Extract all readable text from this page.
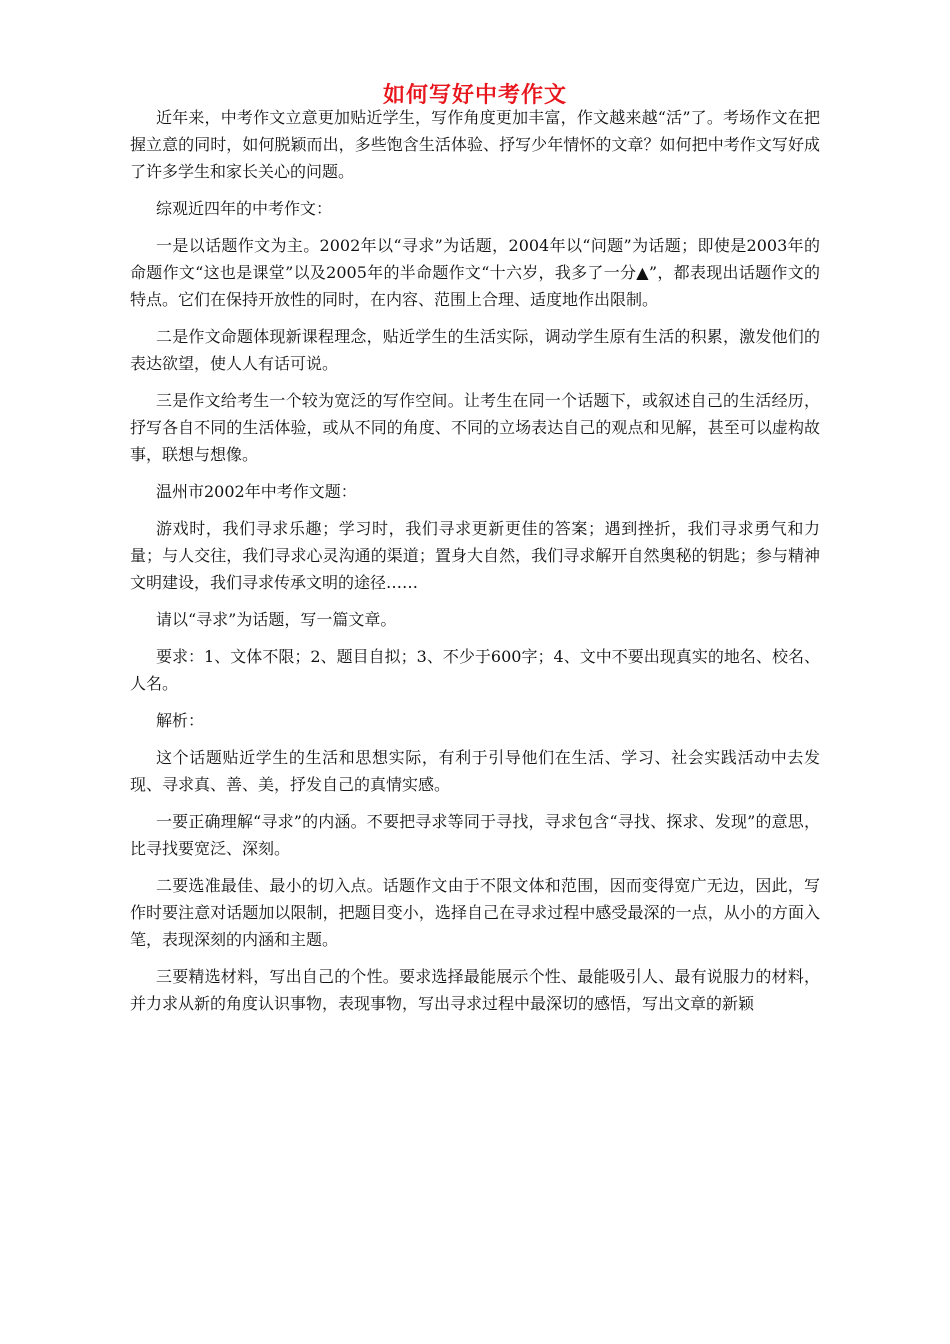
如何写好中考作文

近年来，中考作文立意更加贴近学生，写作角度更加丰富，作文越来越“活”了。考场作文在把握立意的同时，如何脱颖而出，多些饱含生活体验、抒写少年情怀的文章？如何把中考作文写好成了许多学生和家长关心的问题。

综观近四年的中考作文：

一是以话题作文为主。2002年以“寻求”为话题，2004年以“问题”为话题；即使是2003年的命题作文“这也是课堂”以及2005年的半命题作文“十六岁，我多了一分▲”，都表现出话题作文的特点。它们在保持开放性的同时，在内容、范围上合理、适度地作出限制。

二是作文命题体现新课程理念，贴近学生的生活实际，调动学生原有生活的积累，激发他们的表达欲望，使人人有话可说。

三是作文给考生一个较为宽泛的写作空间。让考生在同一个话题下，或叙述自己的生活经历，抒写各自不同的生活体验，或从不同的角度、不同的立场表达自己的观点和见解，甚至可以虚构故事，联想与想像。

温州市2002年中考作文题：

游戏时，我们寻求乐趣；学习时，我们寻求更新更佳的答案；遇到挫折，我们寻求勇气和力量；与人交往，我们寻求心灵沟通的渠道；置身大自然，我们寻求解开自然奥秘的钥匙；参与精神文明建设，我们寻求传承文明的途径……

请以“寻求”为话题，写一篇文章。

要求：1、文体不限；2、题目自拟；3、不少于600字；4、文中不要出现真实的地名、校名、人名。

解析：

这个话题贴近学生的生活和思想实际，有利于引导他们在生活、学习、社会实践活动中去发现、寻求真、善、美，抒发自己的真情实感。

一要正确理解“寻求”的内涵。不要把寻求等同于寻找，寻求包含“寻找、探求、发现”的意思，比寻找要宽泛、深刻。

二要选准最佳、最小的切入点。话题作文由于不限文体和范围，因而变得宽广无边，因此，写作时要注意对话题加以限制，把题目变小，选择自己在寻求过程中感受最深的一点，从小的方面入笔，表现深刻的内涵和主题。

三要精选材料，写出自己的个性。要求选择最能展示个性、最能吸引人、最有说服力的材料，并力求从新的角度认识事物，表现事物，写出寻求过程中最深切的感悟，写出文章的新颖
